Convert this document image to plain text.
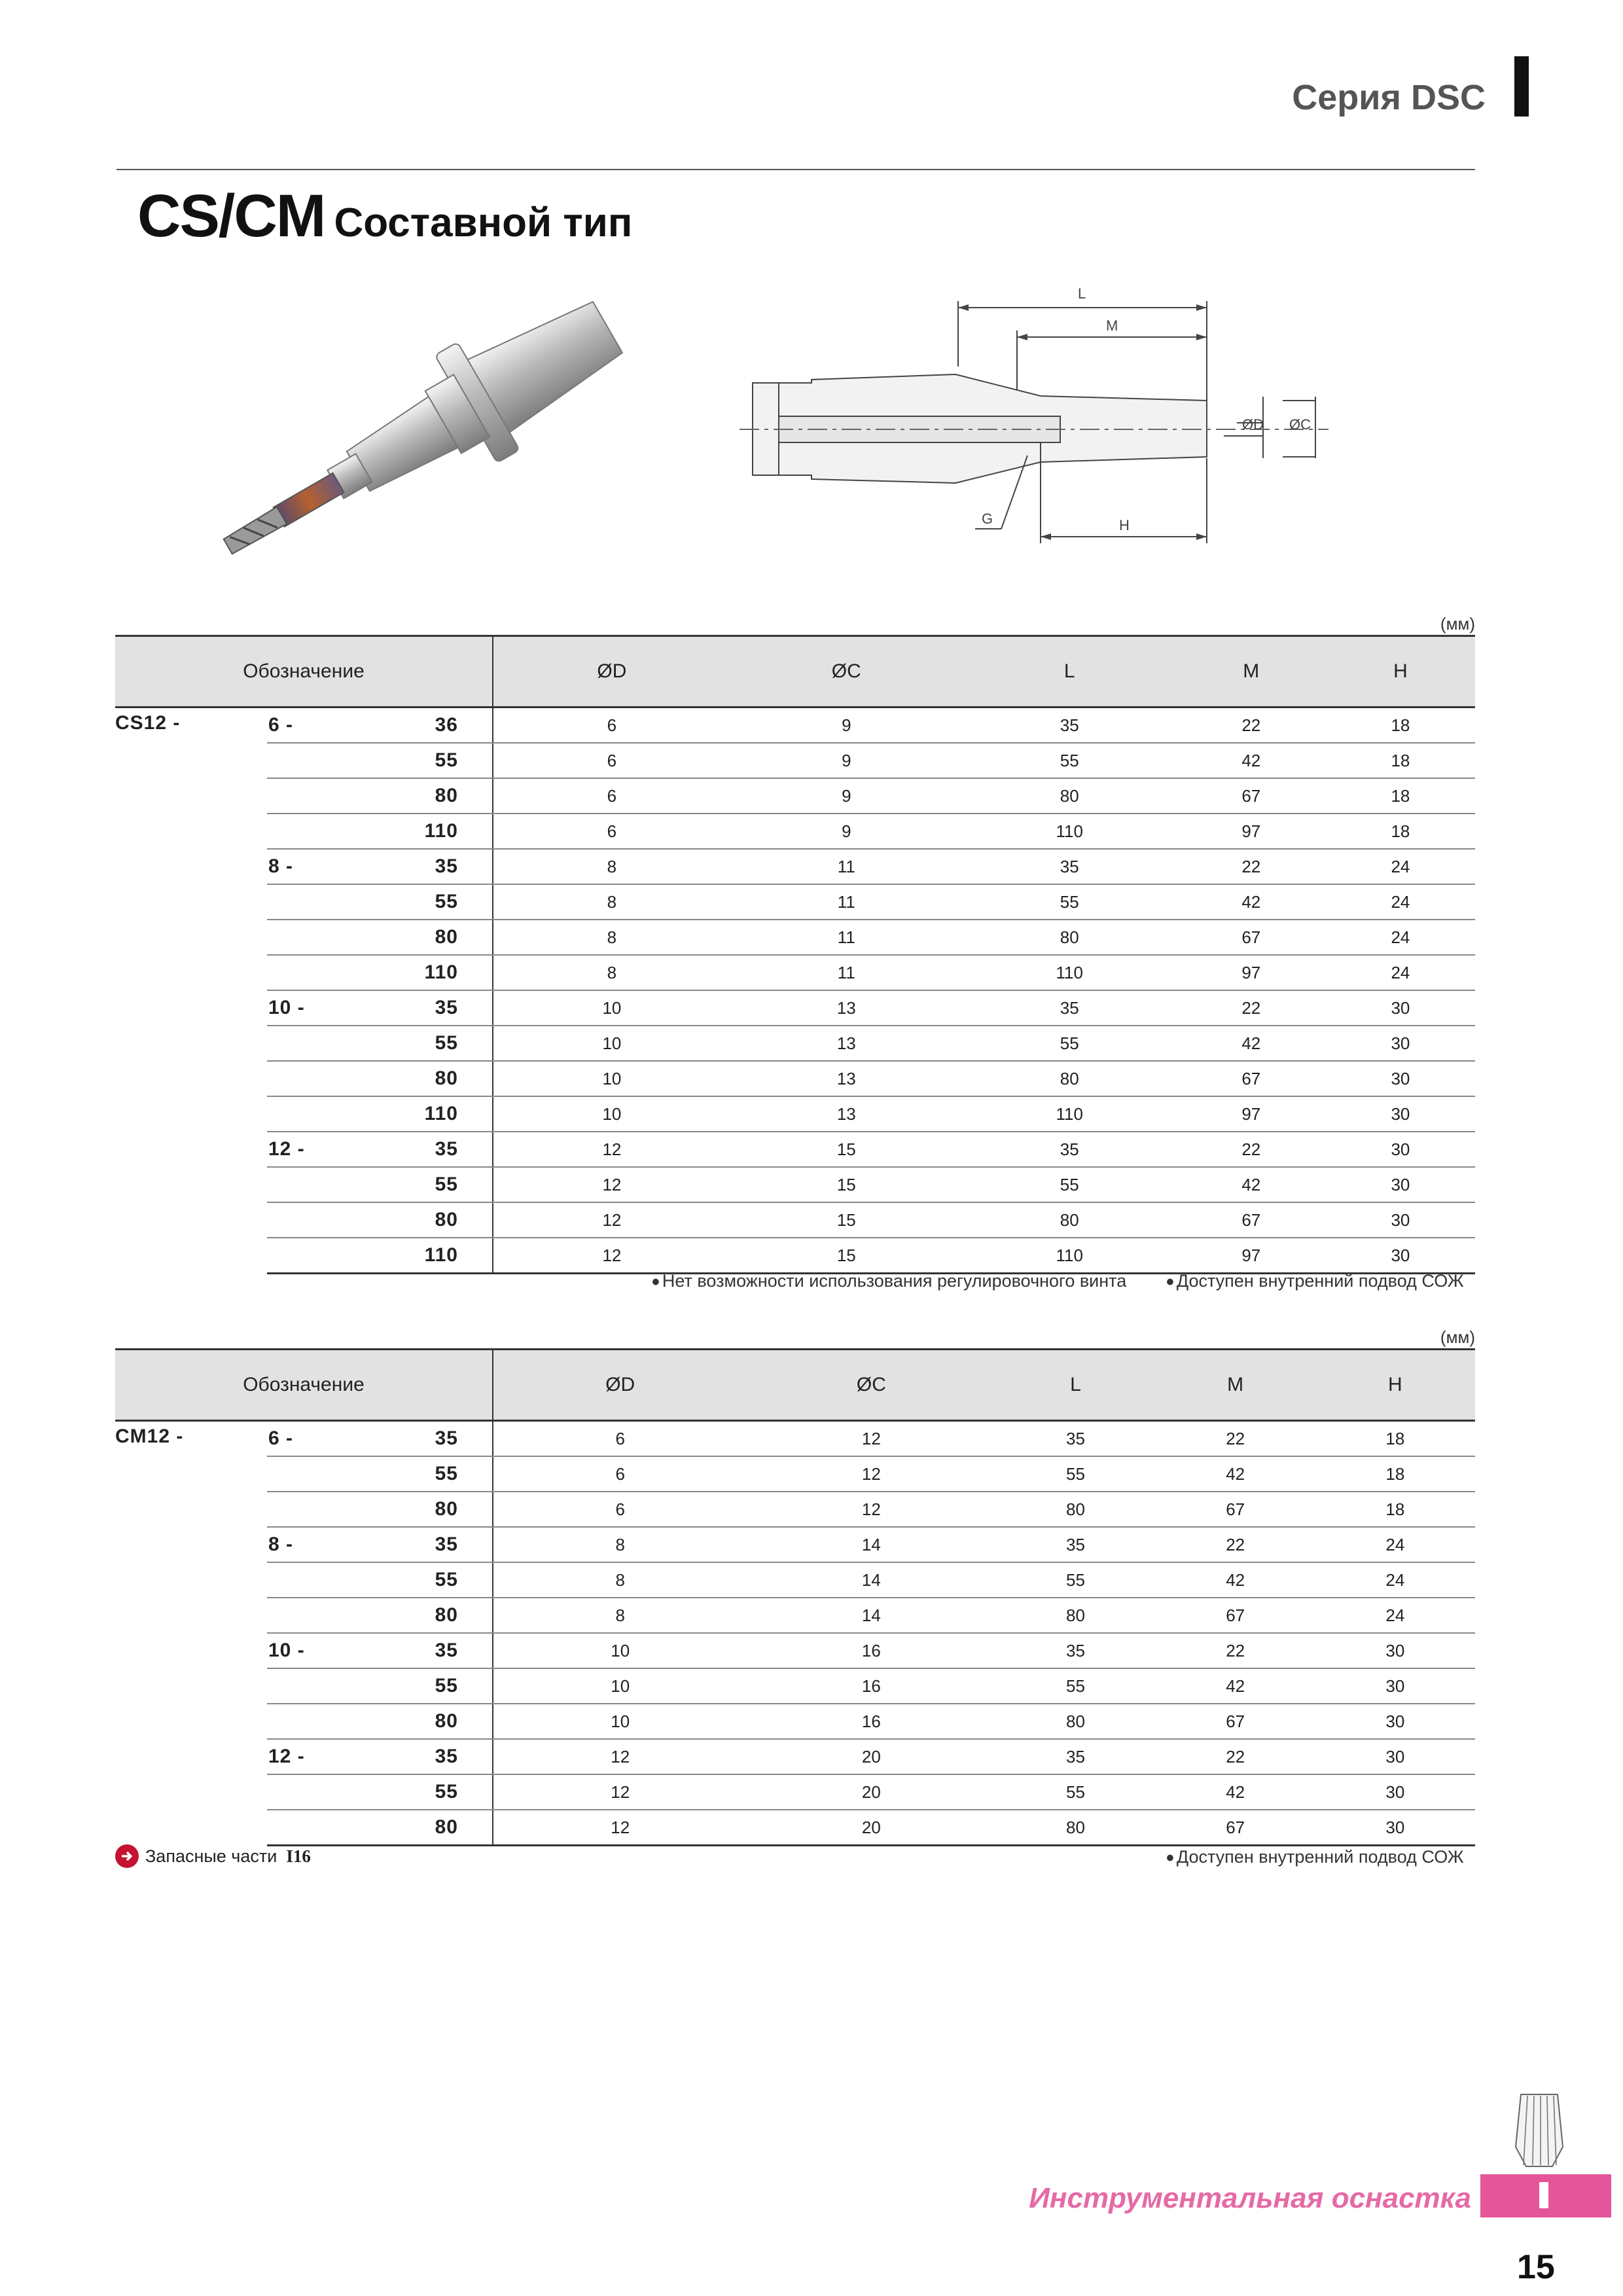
Серия DSC
CS/CM Составной тип
L
M
ØD ØC
G	H
(мм)
Обозначение			ØD	ØC	L	M	H
CS12 -	6 -	36	6	9	35	22	18
		55	6	9	55	42	18
		80	6	9	80	67	18
		110	6	9	110	97	18
	8 -	35	8	11	35	22	24
		55	8	11	55	42	24
		80	8	11	80	67	24
		110	8	11	110	97	24
	10 -	35	10	13	35	22	30
		55	10	13	55	42	30
		80	10	13	80	67	30
		110	10	13	110	97	30
	12 -	35	12	15	35	22	30
		55	12	15	55	42	30
		80	12	15	80	67	30
		110	12	15	110	97	30
• Нет возможности использования регулировочного винта • Доступен внутренний подвод СОЖ
(мм)
Обозначение			ØD	ØC	L	M	H
CM12 -	6 -	35	6	12	35	22	18
		55	6	12	55	42	18
		80	6	12	80	67	18
	8 -	35	8	14	35	22	24
		55	8	14	55	42	24
		80	8	14	80	67	24
	10 -	35	10	16	35	22	30
		55	10	16	55	42	30
		80	10	16	80	67	30
	12 -	35	12	20	35	22	30
		55	12	20	55	42	30
		80	12	20	80	67	30
• Доступен внутренний подвод СОЖ
Запасные части I16
Инструментальная оснастка
15
